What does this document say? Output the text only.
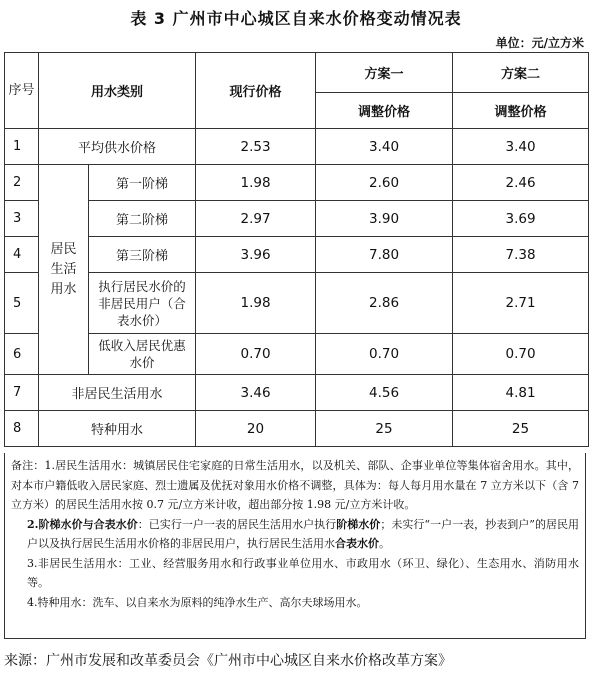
表 3 广州市中心城区自来水价格变动情况表
单位：元/立方米
序号	用水类别		现行价格	方案一	方案二
				调整价格	调整价格
1	平均供水价格		2.53	3.40	3.40
2	居民生活用水	第一阶梯	1.98	2.60	2.46
3		第二阶梯	2.97	3.90	3.69
4		第三阶梯	3.96	7.80	7.38
5		执行居民水价的非居民用户（合表水价）	1.98	2.86	2.71
6		低收入居民优惠水价	0.70	0.70	0.70
7	非居民生活用水		3.46	4.56	4.81
8	特种用水		20	25	25

备注：1.居民生活用水：城镇居民住宅家庭的日常生活用水，以及机关、部队、企事业单位等集体宿舍用水。其中，对本市户籍低收入居民家庭、烈士遗属及优抚对象用水价格不调整，具体为：每人每月用水量在 7 立方米以下（含 7 立方米）的居民生活用水按 0.7 元/立方米计收，超出部分按 1.98 元/立方米计收。

2.阶梯水价与合表水价：已实行一户一表的居民生活用水户执行阶梯水价；未实行“一户一表，抄表到户”的居民用户以及执行居民生活用水价格的非居民用户，执行居民生活用水合表水价。

3.非居民生活用水：工业、经营服务用水和行政事业单位用水、市政用水（环卫、绿化）、生态用水、消防用水等。

4.特种用水：洗车、以自来水为原料的纯净水生产、高尔夫球场用水。

来源：广州市发展和改革委员会《广州市中心城区自来水价格改革方案》
